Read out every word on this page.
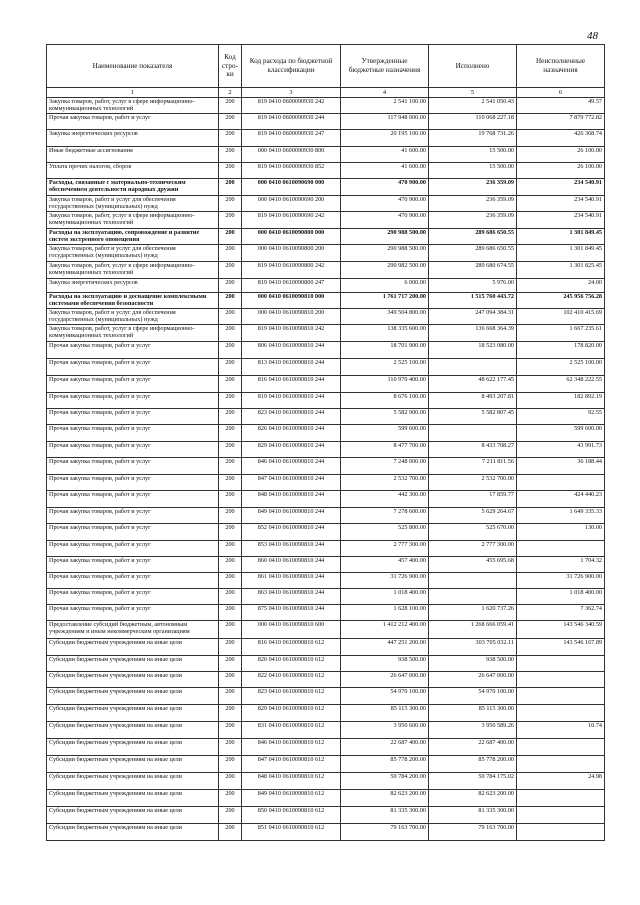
48
Наименование показателя	Код стро-ки	Код расхода по бюджетной классификации	Утвержденные бюджетные назначения	Исполнено	Неисполненные назначения
1	2	3	4	5	6
Закупка товаров, работ, услуг в сфере информационно-коммуникационных технологий	200	819 0410 0600090930 242	2 541 100.00	2 541 050.43	49.57
Прочая закупка товаров, работ и услуг	200	819 0410 0600090930 244	117 948 000.00	110 068 227.18	7 879 772.82
Закупка энергетических ресурсов	200	819 0410 0600090930 247	20 195 100.00	19 768 731.26	426 368.74
Иные бюджетные ассигнования	200	000 0410 0600090930 800	41 600.00	15 500.00	26 100.00
Уплата прочих налогов, сборов	200	819 0410 0600090930 852	41 600.00	15 500.00	26 100.00
Расходы, связанные с материально-техническим обеспечением деятельности народных дружин	200	000 0410 0610090690 000	470 900.00	236 359.09	234 540.91
Закупка товаров, работ и услуг для обеспечения государственных (муниципальных) нужд	200	000 0410 0610090690 200	470 900.00	236 359.09	234 540.91
Закупка товаров, работ, услуг в сфере информационно-коммуникационных технологий	200	819 0410 0610090690 242	470 900.00	236 359.09	234 540.91
Расходы на эксплуатацию, сопровождение и развитие систем экстренного оповещения	200	000 0410 0610090800 000	290 988 500.00	289 686 650.55	1 301 849.45
Закупка товаров, работ и услуг для обеспечения государственных (муниципальных) нужд	200	000 0410 0610090800 200	290 988 500.00	289 686 650.55	1 301 849.45
Закупка товаров, работ, услуг в сфере информационно-коммуникационных технологий	200	819 0410 0610090800 242	290 982 500.00	289 680 674.55	1 301 825.45
Закупка энергетических ресурсов	200	819 0410 0610090800 247	6 000.00	5 976.00	24.00
Расходы на эксплуатацию и доснащение комплексными системами обеспечения безопасности	200	000 0410 0610090810 000	1 761 717 200.00	1 515 760 443.72	245 956 756.28
Закупка товаров, работ и услуг для обеспечения государственных (муниципальных) нужд	200	000 0410 0610090810 200	349 504 800.00	247 094 384.31	102 410 415.69
Закупка товаров, работ, услуг в сфере информационно-коммуникационных технологий	200	819 0410 0610090810 242	138 335 600.00	136 668 364.39	1 667 235.61
Прочая закупка товаров, работ и услуг	200	806 0410 0610090810 244	18 701 900.00	18 523 080.00	178 820.00
Прочая закупка товаров, работ и услуг	200	813 0410 0610090810 244	2 525 100.00		2 525 100.00
Прочая закупка товаров, работ и услуг	200	816 0410 0610090810 244	110 970 400.00	48 622 177.45	62 348 222.55
Прочая закупка товаров, работ и услуг	200	819 0410 0610090810 244	8 676 100.00	8 493 207.81	182 892.19
Прочая закупка товаров, работ и услуг	200	823 0410 0610090810 244	5 582 900.00	5 582 807.45	92.55
Прочая закупка товаров, работ и услуг	200	826 0410 0610090810 244	599 600.00		599 600.00
Прочая закупка товаров, работ и услуг	200	829 0410 0610090810 244	8 477 700.00	8 433 708.27	43 991.73
Прочая закупка товаров, работ и услуг	200	846 0410 0610090810 244	7 248 000.00	7 211 811.56	36 188.44
Прочая закупка товаров, работ и услуг	200	847 0410 0610090810 244	2 532 700.00	2 532 700.00	
Прочая закупка товаров, работ и услуг	200	848 0410 0610090810 244	442 300.00	17 859.77	424 440.23
Прочая закупка товаров, работ и услуг	200	849 0410 0610090810 244	7 278 600.00	5 629 264.67	1 649 335.33
Прочая закупка товаров, работ и услуг	200	852 0410 0610090810 244	525 800.00	525 670.00	130.00
Прочая закупка товаров, работ и услуг	200	853 0410 0610090810 244	2 777 300.00	2 777 300.00	
Прочая закупка товаров, работ и услуг	200	860 0410 0610090810 244	457 400.00	455 695.68	1 704.32
Прочая закупка товаров, работ и услуг	200	861 0410 0610090810 244	31 726 900.00		31 726 900.00
Прочая закупка товаров, работ и услуг	200	863 0410 0610090810 244	1 018 400.00		1 018 400.00
Прочая закупка товаров, работ и услуг	200	875 0410 0610090810 244	1 628 100.00	1 620 737.26	7 362.74
Предоставление субсидий бюджетным, автономным учреждениям и иным некоммерческим организациям	200	000 0410 0610090810 600	1 412 212 400.00	1 268 666 059.41	143 546 340.59
Субсидии бюджетным учреждениям на иные цели	200	816 0410 0610090810 612	447 251 200.00	303 705 032.11	143 546 167.89
Субсидии бюджетным учреждениям на иные цели	200	820 0410 0610090810 612	938 500.00	938 500.00	
Субсидии бюджетным учреждениям на иные цели	200	822 0410 0610090810 612	26 647 000.00	26 647 000.00	
Субсидии бюджетным учреждениям на иные цели	200	823 0410 0610090810 612	54 970 100.00	54 970 100.00	
Субсидии бюджетным учреждениям на иные цели	200	829 0410 0610090810 612	85 115 300.00	85 115 300.00	
Субсидии бюджетным учреждениям на иные цели	200	831 0410 0610090810 612	3 950 600.00	3 950 589.26	10.74
Субсидии бюджетным учреждениям на иные цели	200	846 0410 0610090810 612	22 687 400.00	22 687 400.00	
Субсидии бюджетным учреждениям на иные цели	200	847 0410 0610090810 612	85 778 200.00	85 778 200.00	
Субсидии бюджетным учреждениям на иные цели	200	848 0410 0610090810 612	50 784 200.00	50 784 175.02	24.98
Субсидии бюджетным учреждениям на иные цели	200	849 0410 0610090810 612	82 623 200.00	82 623 200.00	
Субсидии бюджетным учреждениям на иные цели	200	850 0410 0610090810 612	81 335 300.00	81 335 300.00	
Субсидии бюджетным учреждениям на иные цели	200	851 0410 0610090810 612	79 163 700.00	79 163 700.00	
